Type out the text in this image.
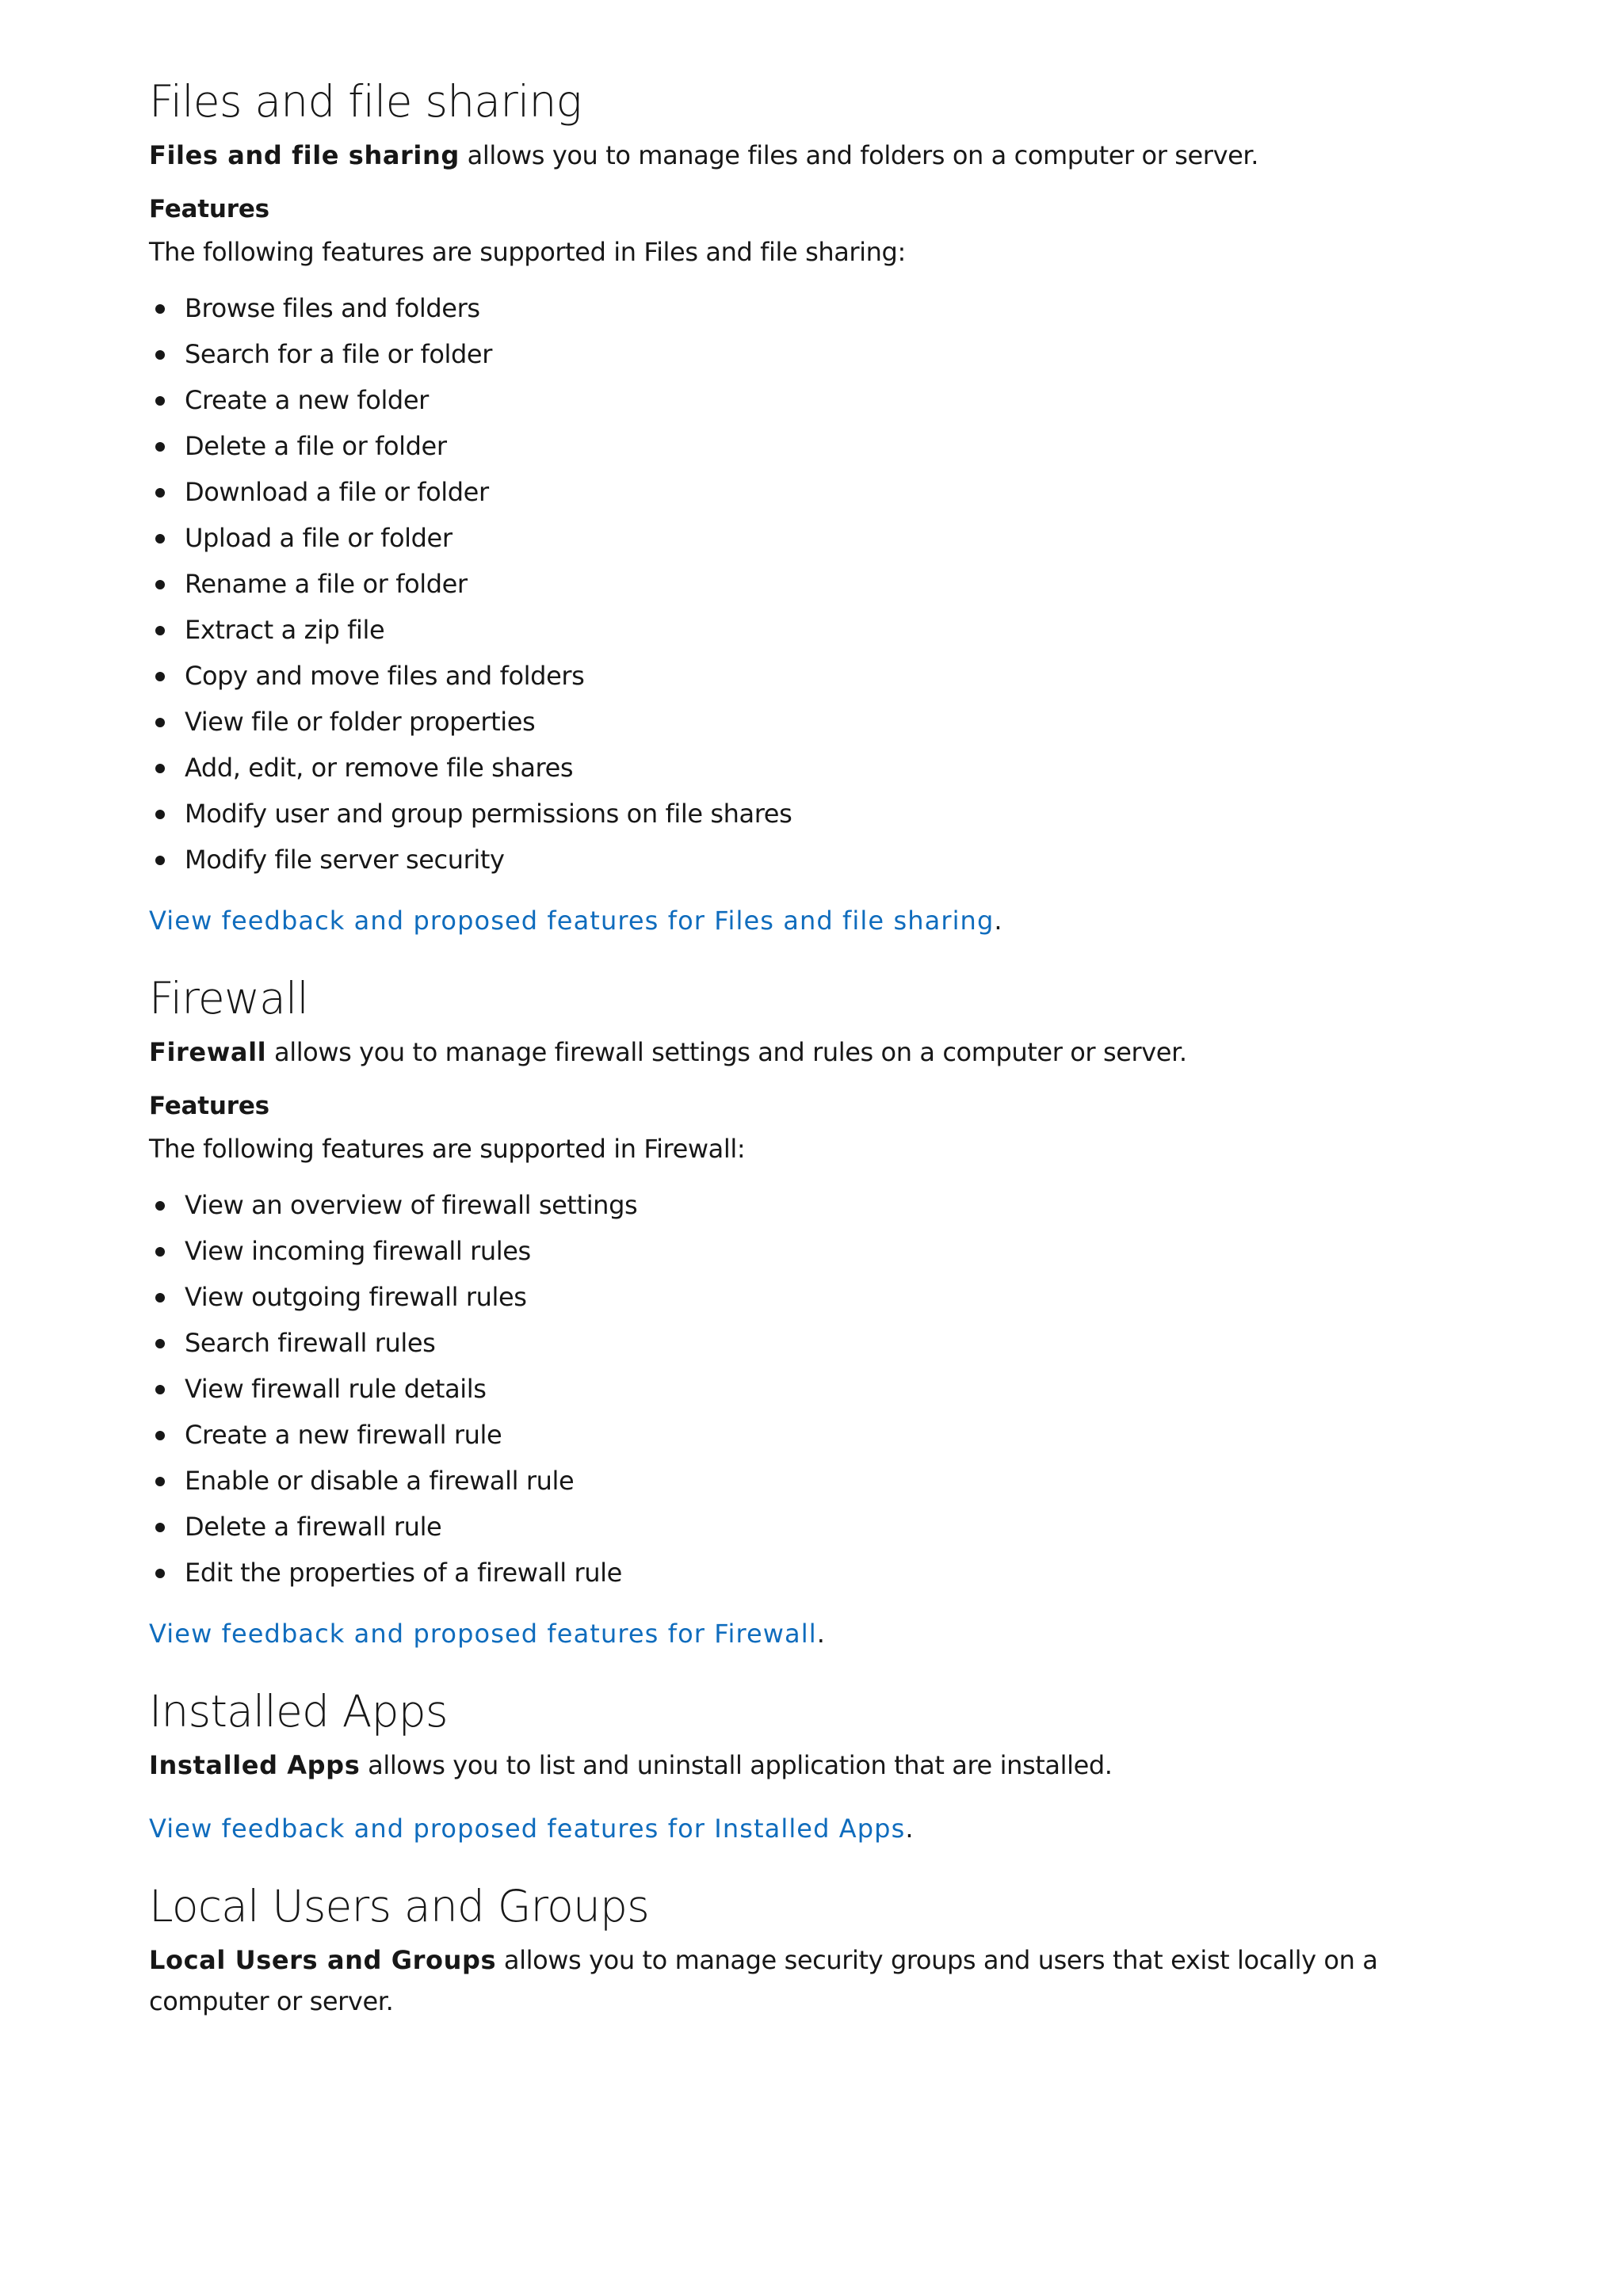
Files and file sharing

Files and file sharing allows you to manage files and folders on a computer or server.

Features

The following features are supported in Files and file sharing:

Browse files and folders
Search for a file or folder
Create a new folder
Delete a file or folder
Download a file or folder
Upload a file or folder
Rename a file or folder
Extract a zip file
Copy and move files and folders
View file or folder properties
Add, edit, or remove file shares
Modify user and group permissions on file shares
Modify file server security

View feedback and proposed features for Files and file sharing.

Firewall

Firewall allows you to manage firewall settings and rules on a computer or server.

Features

The following features are supported in Firewall:

View an overview of firewall settings
View incoming firewall rules
View outgoing firewall rules
Search firewall rules
View firewall rule details
Create a new firewall rule
Enable or disable a firewall rule
Delete a firewall rule
Edit the properties of a firewall rule

View feedback and proposed features for Firewall.

Installed Apps

Installed Apps allows you to list and uninstall application that are installed.

View feedback and proposed features for Installed Apps.

Local Users and Groups

Local Users and Groups allows you to manage security groups and users that exist locally on a computer or server.
